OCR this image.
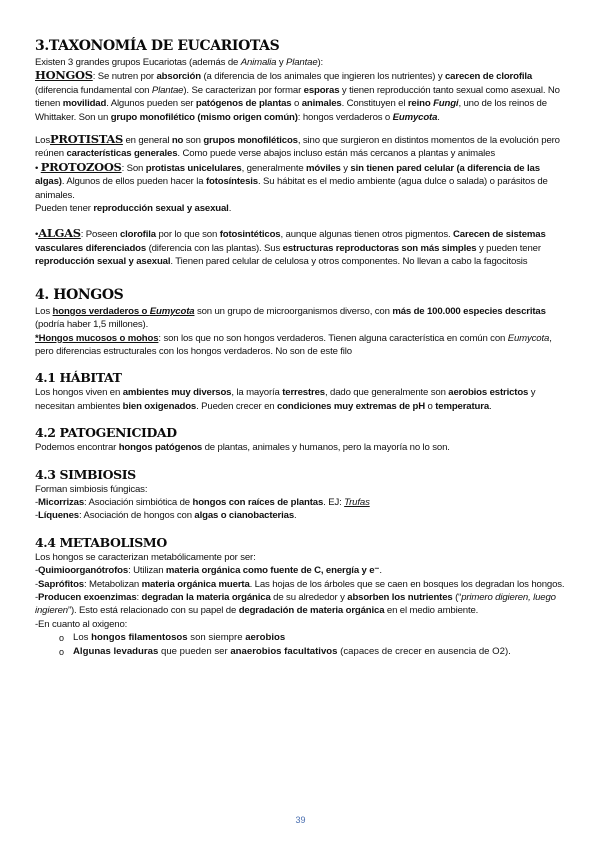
3.TAXONOMÍA DE EUCARIOTAS

Existen 3 grandes grupos Eucariotas (además de Animalia y Plantae):

HONGOS: Se nutren por absorción (a diferencia de los animales que ingieren los nutrientes) y carecen de clorofila (diferencia fundamental con Plantae). Se caracterizan por formar esporas y tienen reproducción tanto sexual como asexual. No tienen movilidad. Algunos pueden ser patógenos de plantas o animales. Constituyen el reino Fungi, uno de los reinos de Whittaker. Son un grupo monofilético (mismo origen común): hongos verdaderos o Eumycota.

LosPROTISTAS en general no son grupos monofiléticos, sino que surgieron en distintos momentos de la evolución pero reúnen características generales. Como puede verse abajos incluso están más cercanos a plantas y animales

• PROTOZOOS: Son protistas unicelulares, generalmente móviles y sin tienen pared celular (a diferencia de las algas). Algunos de ellos pueden hacer la fotosíntesis. Su hábitat es el medio ambiente (agua dulce o salada) o parásitos de animales.

Pueden tener reproducción sexual y asexual.

•ALGAS: Poseen clorofila por lo que son fotosintéticos, aunque algunas tienen otros pigmentos. Carecen de sistemas vasculares diferenciados (diferencia con las plantas). Sus estructuras reproductoras son más simples y pueden tener reproducción sexual y asexual. Tienen pared celular de celulosa y otros componentes. No llevan a cabo la fagocitosis

4. HONGOS

Los hongos verdaderos o Eumycota son un grupo de microorganismos diverso, con más de 100.000 especies descritas (podría haber 1,5 millones).

*Hongos mucosos o mohos: son los que no son hongos verdaderos. Tienen alguna característica en común con Eumycota, pero diferencias estructurales con los hongos verdaderos. No son de este filo

4.1 HÁBITAT

Los hongos viven en ambientes muy diversos, la mayoría terrestres, dado que generalmente son aerobios estrictos y necesitan ambientes bien oxigenados. Pueden crecer en condiciones muy extremas de pH o temperatura.

4.2 PATOGENICIDAD

Podemos encontrar hongos patógenos de plantas, animales y humanos, pero la mayoría no lo son.

4.3 SIMBIOSIS

Forman simbiosis fúngicas:

-Micorrizas: Asociación simbiótica de hongos con raíces de plantas. EJ: Trufas

-Líquenes: Asociación de hongos con algas o cianobacterias.

4.4 METABOLISMO

Los hongos se caracterizan metabólicamente por ser:

-Quimioorganótrofos: Utilizan materia orgánica como fuente de C, energía y e⁻.

-Saprófitos: Metabolizan materia orgánica muerta. Las hojas de los árboles que se caen en bosques los degradan los hongos.

-Producen exoenzimas: degradan la materia orgánica de su alrededor y absorben los nutrientes (“primero digieren, luego ingieren”). Esto está relacionado con su papel de degradación de materia orgánica en el medio ambiente.

-En cuanto al oxigeno:

o Los hongos filamentosos son siempre aerobios
o Algunas levaduras que pueden ser anaerobios facultativos (capaces de crecer en ausencia de O2).
39
